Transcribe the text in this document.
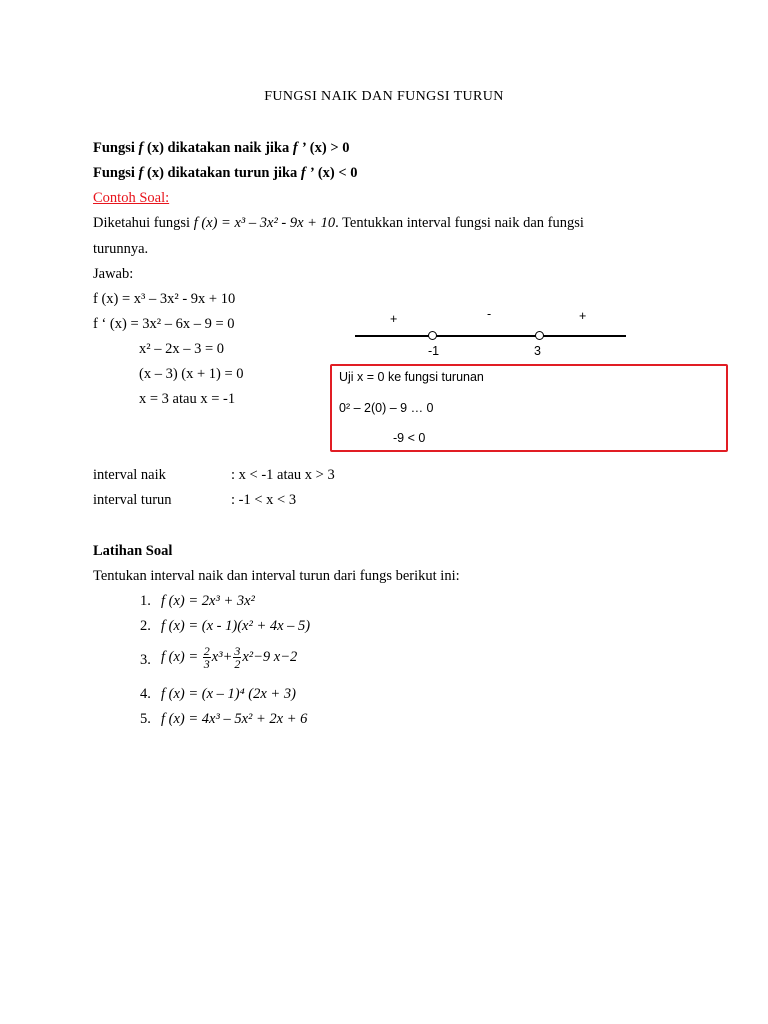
FUNGSI NAIK DAN FUNGSI TURUN
Fungsi f (x) dikatakan naik jika f ’ (x) > 0
Fungsi f (x) dikatakan turun jika f ’ (x) < 0
Contoh Soal:
Diketahui fungsi f (x) = x³ – 3x² - 9x + 10. Tentukkan interval fungsi naik dan fungsi
turunnya.
Jawab:
f (x) = x³ – 3x² - 9x + 10
f ‘ (x) = 3x² – 6x – 9 = 0
x² – 2x – 3 = 0
(x – 3) (x + 1) = 0
x = 3 atau x = -1
+	-	+
-1	3
Uji x = 0 ke fungsi turunan
0² – 2(0) – 9 … 0
-9 < 0
interval naik	: x < -1 atau x > 3
interval turun	: -1 < x < 3
Latihan Soal
Tentukan interval naik dan interval turun dari fungs berikut ini:
1. f (x) = 2x³ + 3x²
2. f (x) = (x - 1)(x² + 4x – 5)
3. f $(x) = \frac{2}{3} x^3+ \frac{3}{2} x^2-9$ x−2
4. f (x) = (x – 1)⁴ (2x + 3)
5. f (x) = 4x³ – 5x² + 2x + 6
